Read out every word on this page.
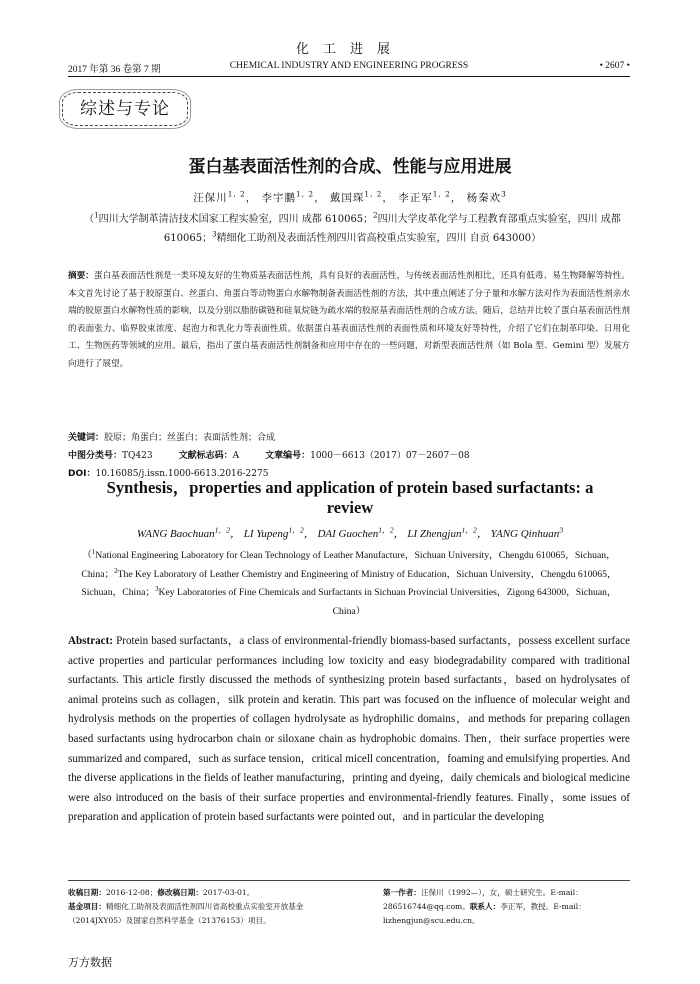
化工进展
2017 年第 36 卷第 7 期	CHEMICAL INDUSTRY AND ENGINEERING PROGRESS	• 2607 •
综述与专论
蛋白基表面活性剂的合成、性能与应用进展
汪保川$^{1, 2}$， 李宇鹏$^{1, 2}$， 戴国琛$^{1, 2}$， 李正军$^{1, 2}$， 杨秦欢$^3$
（$^1$四川大学制革清洁技术国家工程实验室，四川 成都 610065；$^2$四川大学皮革化学与工程教育部重点实验室，四川 成都 610065；$^3$精细化工助剂及表面活性剂四川省高校重点实验室，四川 自贡 643000）
摘要：蛋白基表面活性剂是一类环境友好的生物质基表面活性剂，具有良好的表面活性，与传统表面活性剂相比，还具有低毒、易生物降解等特性。本文首先讨论了基于胶原蛋白、丝蛋白、角蛋白等动物蛋白水解物制备表面活性剂的方法，其中重点阐述了分子量和水解方法对作为表面活性剂亲水端的胶原蛋白水解物性质的影响，以及分别以脂肪碳链和硅氧烷链为疏水端的胶原基表面活性剂的合成方法。随后，总结并比较了蛋白基表面活性剂的表面张力、临界胶束浓度、起泡力和乳化力等表面性质。依据蛋白基表面活性剂的表面性质和环境友好等特性，介绍了它们在制革印染、日用化工、生物医药等领域的应用。最后，指出了蛋白基表面活性剂制备和应用中存在的一些问题，对新型表面活性剂（如 Bola 型、Gemini 型）发展方向进行了展望。
关键词：胶原；角蛋白；丝蛋白；表面活性剂；合成
中图分类号：TQ423	文献标志码：A	文章编号：1000－6613（2017）07－2607－08
DOI：10.16085/j.issn.1000-6613.2016-2275
Synthesis，properties and application of protein based surfactants: a review
WANG Baochuan$^{1,2}$， LI Yupeng$^{1,2}$， DAI Guochen$^{1,2}$， LI Zhengjun$^{1,2}$， YANG Qinhuan$^3$
（$^1$National Engineering Laboratory for Clean Technology of Leather Manufacture，Sichuan University，Chengdu 610065，Sichuan，China；$^2$The Key Laboratory of Leather Chemistry and Engineering of Ministry of Education，Sichuan University，Chengdu 610065，Sichuan，China；$^3$Key Laboratories of Fine Chemicals and Surfactants in Sichuan Provincial Universities，Zigong 643000，Sichuan，China）
Abstract: Protein based surfactants，a class of environmental-friendly biomass-based surfactants，possess excellent surface active properties and particular performances including low toxicity and easy biodegradability compared with traditional surfactants. This article firstly discussed the methods of synthesizing protein based surfactants，based on hydrolysates of animal proteins such as collagen，silk protein and keratin. This part was focused on the influence of molecular weight and hydrolysis methods on the properties of collagen hydrolysate as hydrophilic domains，and methods for preparing collagen based surfactants using hydrocarbon chain or siloxane chain as hydrophobic domains. Then，their surface properties were summarized and compared，such as surface tension，critical micell concentration，foaming and emulsifying properties. And the diverse applications in the fields of leather manufacturing，printing and dyeing，daily chemicals and biological medicine were also introduced on the basis of their surface properties and environmental-friendly features. Finally，some issues of preparation and application of protein based surfactants were pointed out，and in particular the developing
收稿日期：2016-12-08；修改稿日期：2017-03-01。
基金项目：精细化工助剂及表面活性剂四川省高校重点实验室开放基金（2014JXY05）及国家自然科学基金（21376153）项目。
第一作者：汪保川（1992—），女，硕士研究生。E-mail：286516744@qq.com。联系人：李正军，教授。E-mail：lizhengjun@scu.edu.cn。
万方数据
